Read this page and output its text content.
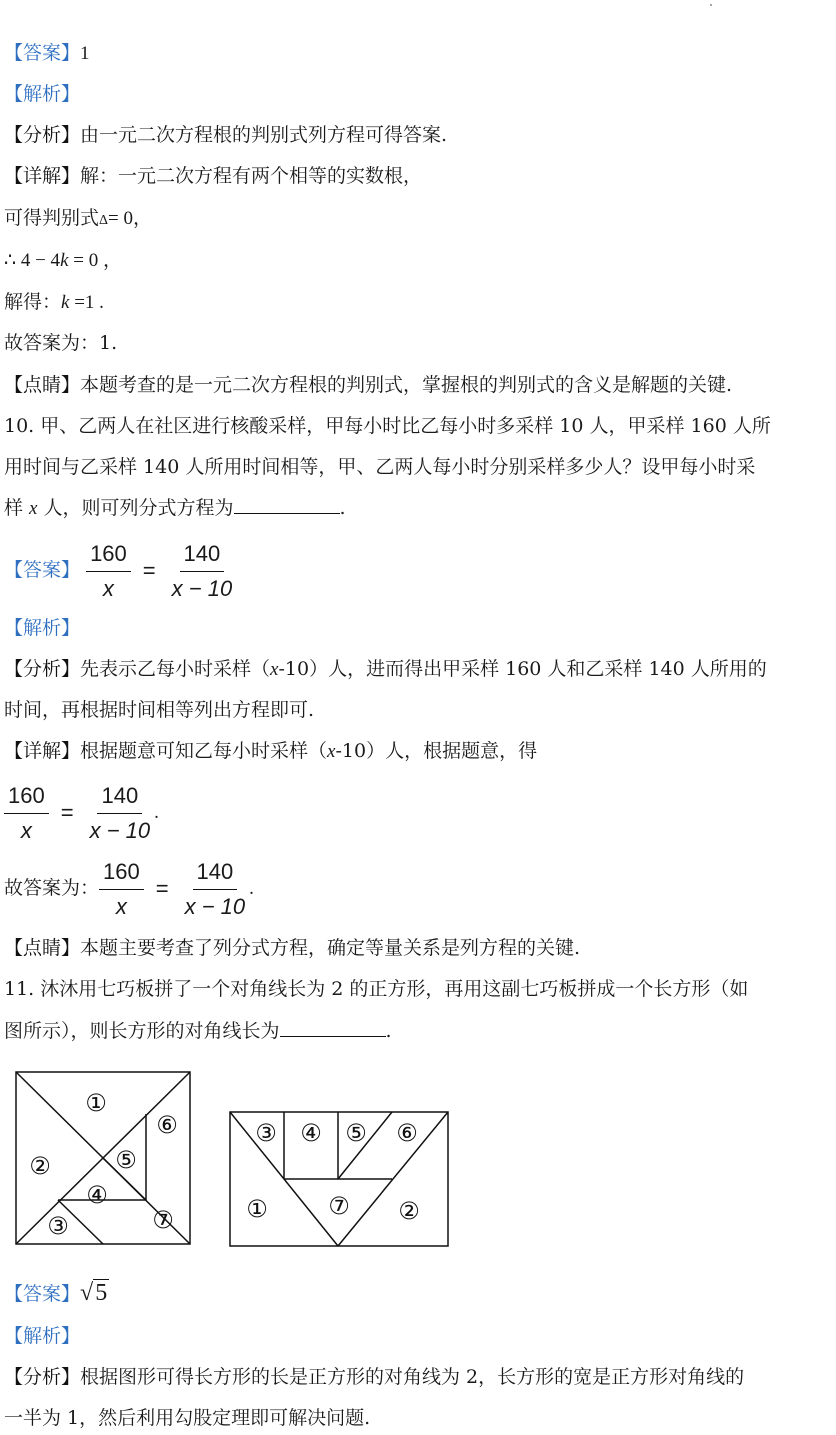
【答案】1
【解析】
【分析】由一元二次方程根的判别式列方程可得答案.
【详解】解：一元二次方程有两个相等的实数根，
可得判别式Δ= 0，
∴ 4 − 4k = 0 ，
解得：k =1 .
故答案为：1.
【点睛】本题考查的是一元二次方程根的判别式，掌握根的判别式的含义是解题的关键.
10. 甲、乙两人在社区进行核酸采样，甲每小时比乙每小时多采样 10 人，甲采样 160 人所
用时间与乙采样 140 人所用时间相等，甲、乙两人每小时分别采样多少人？设甲每小时采
样 x 人，则可列分式方程为	.
【答案】 $\frac{160}{x} = \frac{140}{x - 10}$
【解析】
【分析】先表示乙每小时采样（x-10）人，进而得出甲采样 160 人和乙采样 140 人所用的
时间，再根据时间相等列出方程即可.
【详解】根据题意可知乙每小时采样（x-10）人，根据题意，得
$\frac{160}{x} = \frac{140}{x - 10}$ .
故答案为： $\frac{160}{x} = \frac{140}{x - 10}$ .
【点睛】本题主要考查了列分式方程，确定等量关系是列方程的关键.
11. 沐沐用七巧板拼了一个对角线长为 2 的正方形，再用这副七巧板拼成一个长方形（如
图所示），则长方形的对角线长为	.
①
②
③
④
⑤
⑥
⑦
③ ④ ⑤ ⑥
①	⑦ ②
【答案】√5
【解析】
【分析】根据图形可得长方形的长是正方形的对角线为 2，长方形的宽是正方形对角线的
一半为 1，然后利用勾股定理即可解决问题.
